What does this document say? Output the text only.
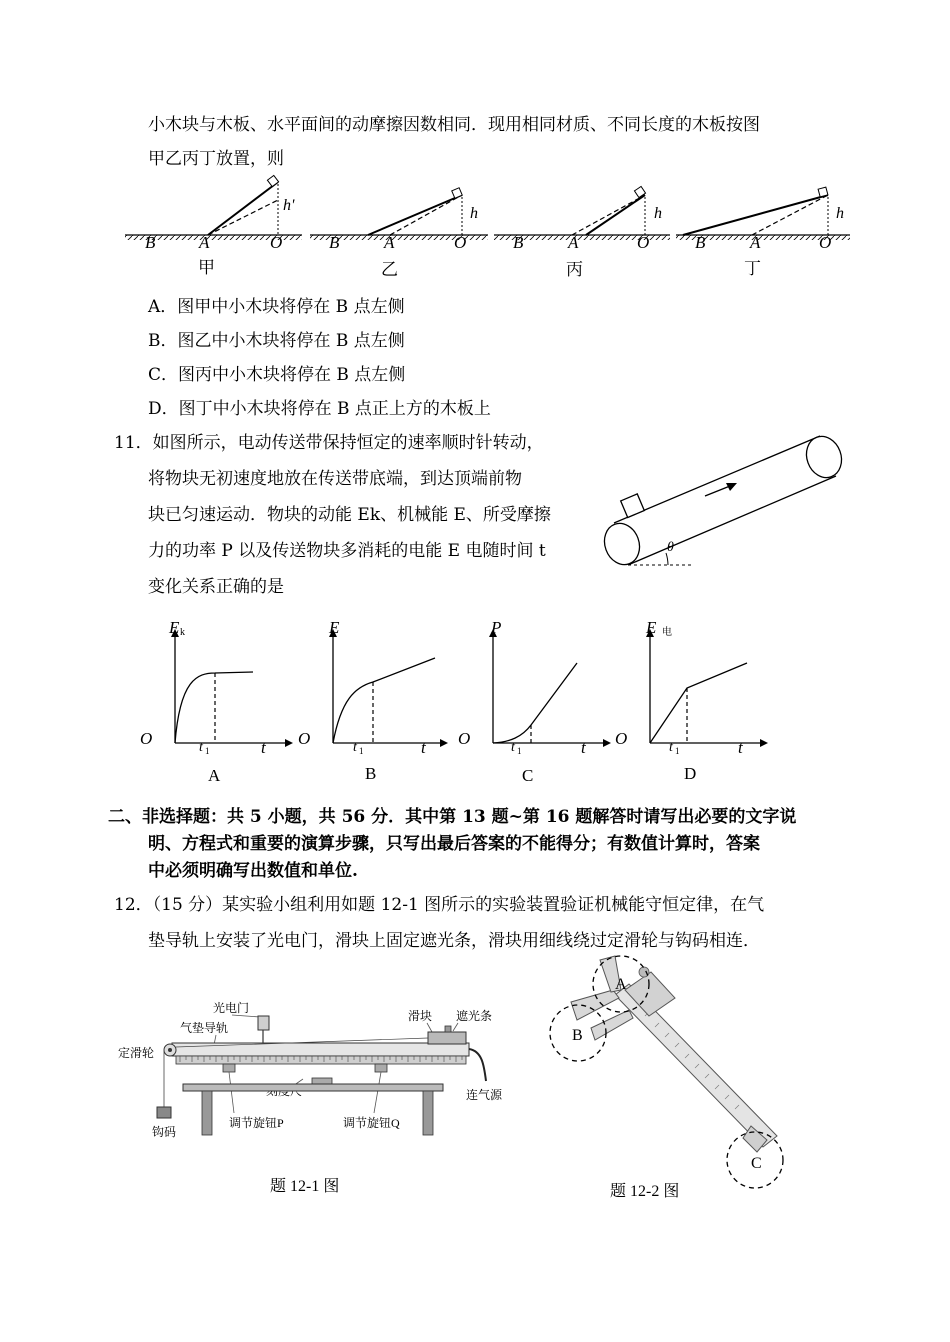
小木块与木板、水平面间的动摩擦因数相同．现用相同材质、不同长度的木板按图
甲乙丙丁放置，则
h'
B	A	O
h
B	A	O
h
B	A	O
h
B	A	O
甲	乙	丙	丁
A．图甲中小木块将停在 B 点左侧
B．图乙中小木块将停在 B 点左侧
C．图丙中小木块将停在 B 点左侧
D．图丁中小木块将停在 B 点正上方的木板上
11．如图所示，电动传送带保持恒定的速率顺时针转动，
将物块无初速度地放在传送带底端，到达顶端前物
块已匀速运动．物块的动能 Ek、机械能 E、所受摩擦
力的功率 P 以及传送物块多消耗的电能 E 电随时间 t
变化关系正确的是
θ
E k
O	t 1	t
A
E
O	t 1	t
B
P
O	t 1	t
C
E 电
O	t 1	t
D
二、非选择题：共 5 小题，共 56 分．其中第 13 题~第 16 题解答时请写出必要的文字说
明、方程式和重要的演算步骤，只写出最后答案的不能得分；有数值计算时，答案
中必须明确写出数值和单位.
12．（15 分）某实验小组利用如题 12-1 图所示的实验装置验证机械能守恒定律，在气
垫导轨上安装了光电门，滑块上固定遮光条，滑块用细线绕过定滑轮与钩码相连．
光电门
气垫导轨
滑块 遮光条
定滑轮
连气源
钩码
调节旋钮P	调节旋钮Q
题 12-1 图
A
B
C
题 12-2 图
